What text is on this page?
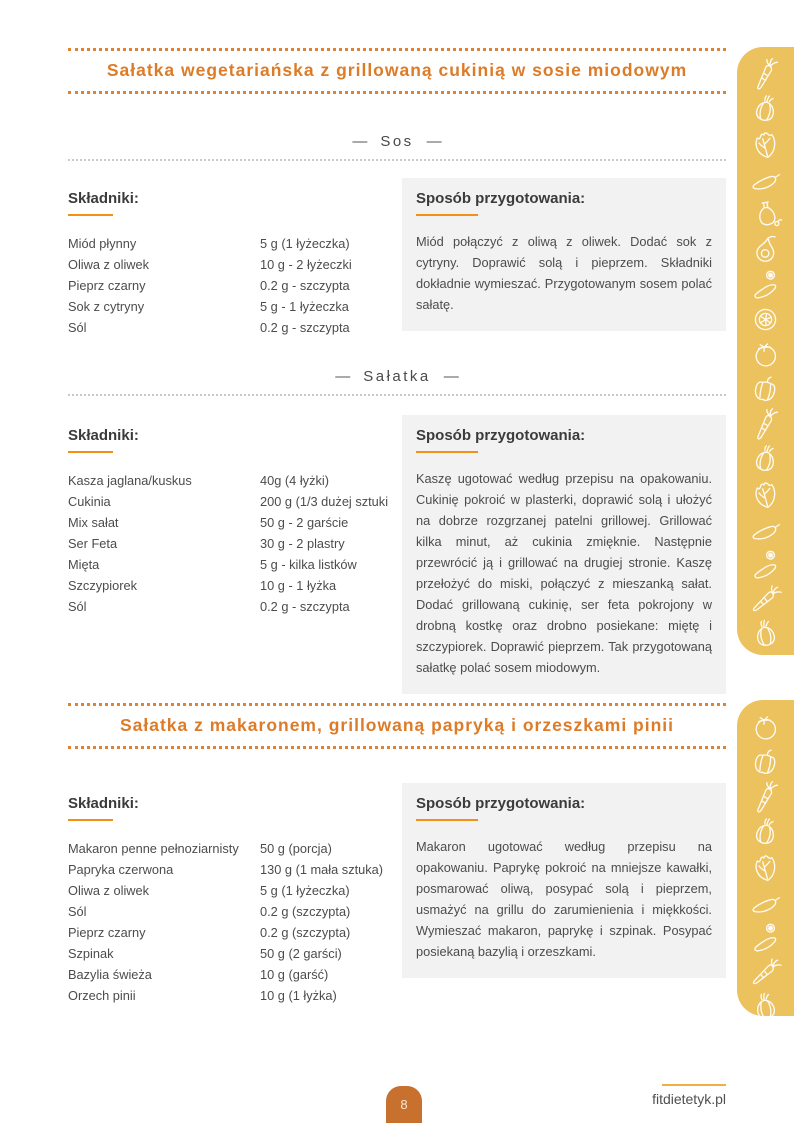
Sałatka wegetariańska z grillowaną cukinią w sosie miodowym
— Sos —
Składniki:
Miód płynny	5 g (1 łyżeczka)
Oliwa z oliwek	10 g - 2 łyżeczki
Pieprz czarny	0.2 g - szczypta
Sok z cytryny	5 g - 1 łyżeczka
Sól	0.2 g - szczypta
Sposób przygotowania:

Miód połączyć z oliwą z oliwek. Dodać sok z cytryny. Doprawić solą i pieprzem. Składniki dokładnie wymieszać. Przygotowanym sosem polać sałatę.

— Sałatka —
Składniki:
Kasza jaglana/kuskus	40g (4 łyżki)
Cukinia	200 g (1/3 dużej sztuki
Mix sałat	50 g - 2 garście
Ser Feta	30 g - 2 plastry
Mięta	5 g - kilka listków
Szczypiorek	10 g - 1 łyżka
Sól	0.2 g - szczypta
Sposób przygotowania:

Kaszę ugotować według przepisu na opakowaniu. Cukinię pokroić w plasterki, doprawić solą i ułożyć na dobrze rozgrzanej patelni grillowej. Grillować kilka minut, aż cukinia zmięknie. Następnie przewrócić ją i grillować na drugiej stronie. Kaszę przełożyć do miski, połączyć z mieszanką sałat. Dodać grillowaną cukinię, ser feta pokrojony w drobną kostkę oraz drobno posiekane: miętę i szczypiorek. Doprawić pieprzem. Tak przygotowaną sałatkę polać sosem miodowym.

Sałatka z makaronem, grillowaną papryką i orzeszkami pinii
Składniki:
Makaron penne pełnoziarnisty	50 g (porcja)
Papryka czerwona	130 g (1 mała sztuka)
Oliwa z oliwek	5 g (1 łyżeczka)
Sól	0.2 g (szczypta)
Pieprz czarny	0.2 g (szczypta)
Szpinak	50 g (2 garści)
Bazylia świeża	10 g (garść)
Orzech pinii	10 g (1 łyżka)
Sposób przygotowania:

Makaron ugotować według przepisu na opakowaniu. Paprykę pokroić na mniejsze kawałki, posmarować oliwą, posypać solą i pieprzem, usmażyć na grillu do zarumienienia i miękkości. Wymieszać makaron, paprykę i szpinak. Posypać posiekaną bazylią i orzeszkami.

8	fitdietetyk.pl
